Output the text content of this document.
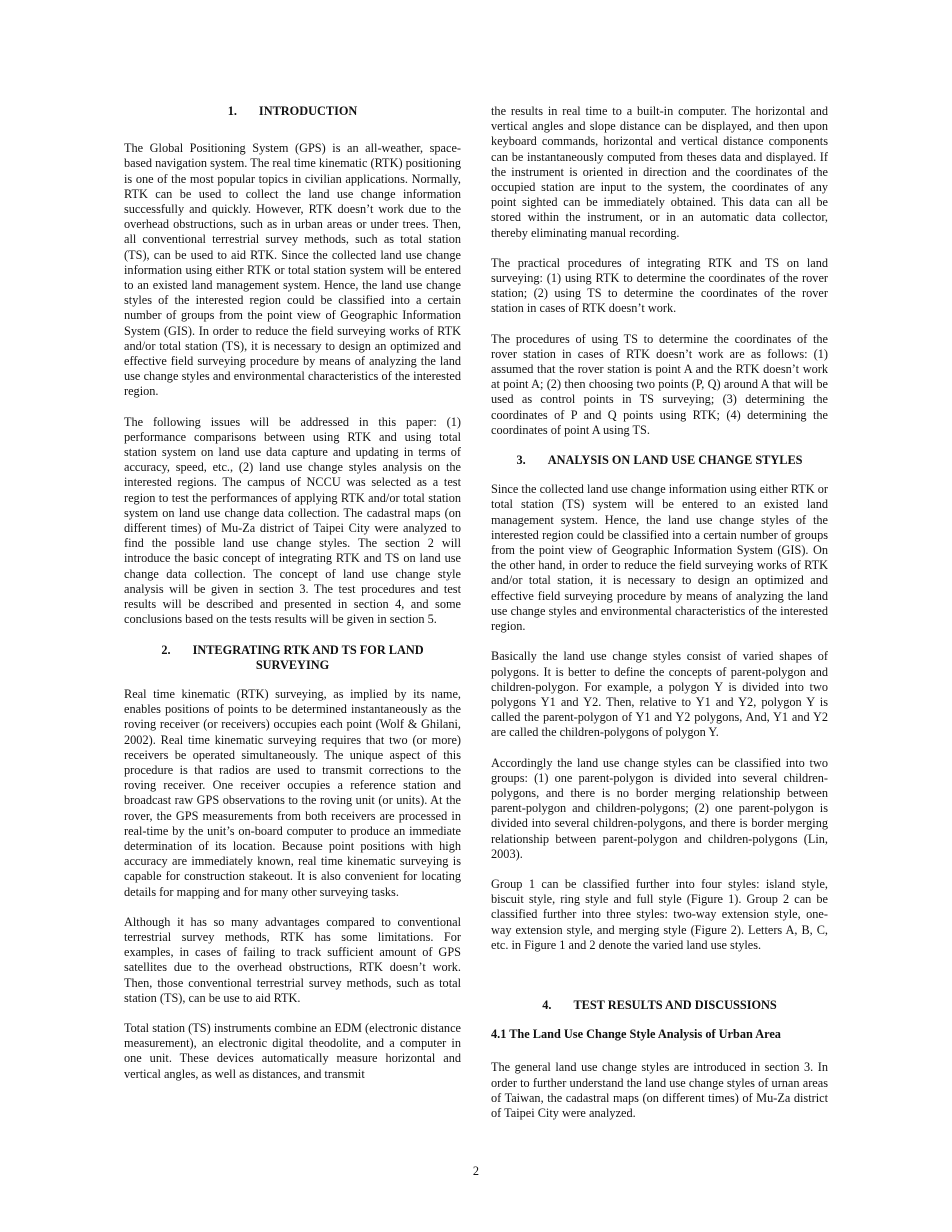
1. INTRODUCTION

The Global Positioning System (GPS) is an all-weather, space-based navigation system. The real time kinematic (RTK) positioning is one of the most popular topics in civilian applications. Normally, RTK can be used to collect the land use change information successfully and quickly. However, RTK doesn’t work due to the overhead obstructions, such as in urban areas or under trees. Then, all conventional terrestrial survey methods, such as total station (TS), can be used to aid RTK. Since the collected land use change information using either RTK or total station system will be entered to an existed land management system. Hence, the land use change styles of the interested region could be classified into a certain number of groups from the point view of Geographic Information System (GIS). In order to reduce the field surveying works of RTK and/or total station (TS), it is necessary to design an optimized and effective field surveying procedure by means of analyzing the land use change styles and environmental characteristics of the interested region.

The following issues will be addressed in this paper: (1) performance comparisons between using RTK and using total station system on land use data capture and updating in terms of accuracy, speed, etc., (2) land use change styles analysis on the interested regions. The campus of NCCU was selected as a test region to test the performances of applying RTK and/or total station system on land use change data collection. The cadastral maps (on different times) of Mu-Za district of Taipei City were analyzed to find the possible land use change styles. The section 2 will introduce the basic concept of integrating RTK and TS on land use change data collection. The concept of land use change style analysis will be given in section 3. The test procedures and test results will be described and presented in section 4, and some conclusions based on the tests results will be given in section 5.

2. INTEGRATING RTK AND TS FOR LAND SURVEYING

Real time kinematic (RTK) surveying, as implied by its name, enables positions of points to be determined instantaneously as the roving receiver (or receivers) occupies each point (Wolf & Ghilani, 2002). Real time kinematic surveying requires that two (or more) receivers be operated simultaneously. The unique aspect of this procedure is that radios are used to transmit corrections to the roving receiver. One receiver occupies a reference station and broadcast raw GPS observations to the roving unit (or units). At the rover, the GPS measurements from both receivers are processed in real-time by the unit’s on-board computer to produce an immediate determination of its location. Because point positions with high accuracy are immediately known, real time kinematic surveying is capable for construction stakeout. It is also convenient for locating details for mapping and for many other surveying tasks.

Although it has so many advantages compared to conventional terrestrial survey methods, RTK has some limitations. For examples, in cases of failing to track sufficient amount of GPS satellites due to the overhead obstructions, RTK doesn’t work. Then, those conventional terrestrial survey methods, such as total station (TS), can be use to aid RTK.

Total station (TS) instruments combine an EDM (electronic distance measurement), an electronic digital theodolite, and a computer in one unit. These devices automatically measure horizontal and vertical angles, as well as distances, and transmit

the results in real time to a built-in computer. The horizontal and vertical angles and slope distance can be displayed, and then upon keyboard commands, horizontal and vertical distance components can be instantaneously computed from theses data and displayed. If the instrument is oriented in direction and the coordinates of the occupied station are input to the system, the coordinates of any point sighted can be immediately obtained. This data can all be stored within the instrument, or in an automatic data collector, thereby eliminating manual recording.

The practical procedures of integrating RTK and TS on land surveying: (1) using RTK to determine the coordinates of the rover station; (2) using TS to determine the coordinates of the rover station in cases of RTK doesn’t work.

The procedures of using TS to determine the coordinates of the rover station in cases of RTK doesn’t work are as follows: (1) assumed that the rover station is point A and the RTK doesn’t work at point A; (2) then choosing two points (P, Q) around A that will be used as control points in TS surveying; (3) determining the coordinates of P and Q points using RTK; (4) determining the coordinates of point A using TS.

3. ANALYSIS ON LAND USE CHANGE STYLES

Since the collected land use change information using either RTK or total station (TS) system will be entered to an existed land management system. Hence, the land use change styles of the interested region could be classified into a certain number of groups from the point view of Geographic Information System (GIS). On the other hand, in order to reduce the field surveying works of RTK and/or total station, it is necessary to design an optimized and effective field surveying procedure by means of analyzing the land use change styles and environmental characteristics of the interested region.

Basically the land use change styles consist of varied shapes of polygons. It is better to define the concepts of parent-polygon and children-polygon. For example, a polygon Y is divided into two polygons Y1 and Y2. Then, relative to Y1 and Y2, polygon Y is called the parent-polygon of Y1 and Y2 polygons, And, Y1 and Y2 are called the children-polygons of polygon Y.

Accordingly the land use change styles can be classified into two groups: (1) one parent-polygon is divided into several children-polygons, and there is no border merging relationship between parent-polygon and children-polygons; (2) one parent-polygon is divided into several children-polygons, and there is border merging relationship between parent-polygon and children-polygons (Lin, 2003).

Group 1 can be classified further into four styles: island style, biscuit style, ring style and full style (Figure 1). Group 2 can be classified further into three styles: two-way extension style, one-way extension style, and merging style (Figure 2). Letters A, B, C, etc. in Figure 1 and 2 denote the varied land use styles.

4. TEST RESULTS AND DISCUSSIONS
4.1 The Land Use Change Style Analysis of Urban Area

The general land use change styles are introduced in section 3. In order to further understand the land use change styles of urnan areas of Taiwan, the cadastral maps (on different times) of Mu-Za district of Taipei City were analyzed.

2
